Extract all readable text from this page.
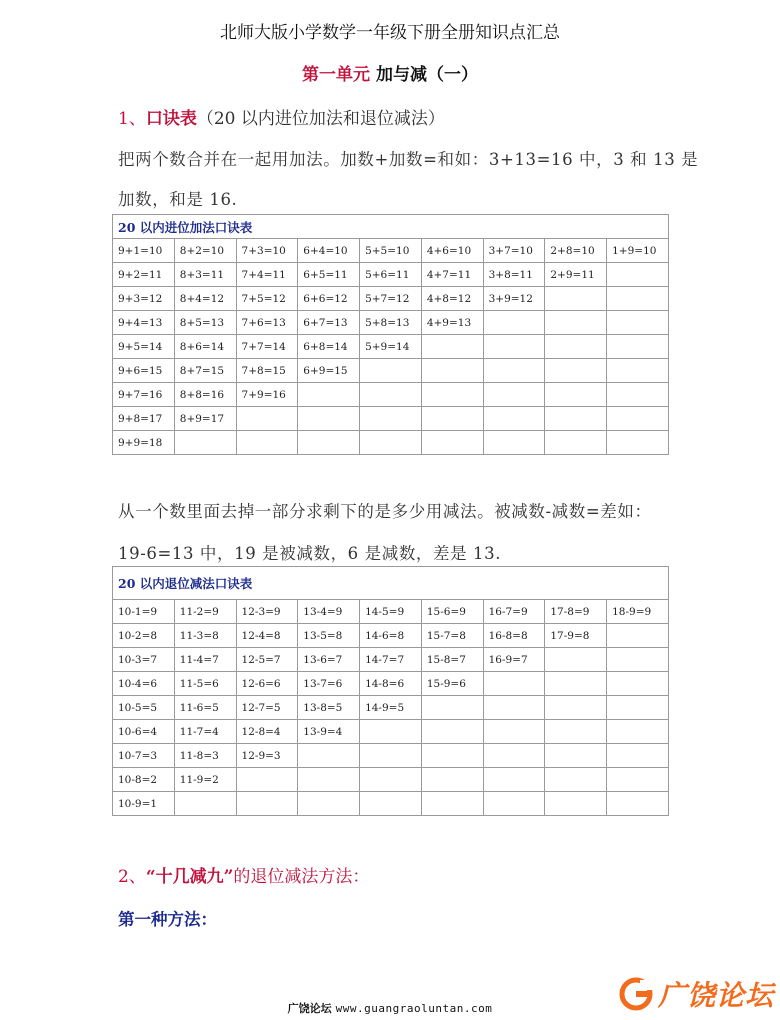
北师大版小学数学一年级下册全册知识点汇总
第一单元 加与减（一）
1、口诀表（20 以内进位加法和退位减法）
把两个数合并在一起用加法。加数+加数=和如：3+13=16 中，3 和 13 是
加数，和是 16.
20 以内进位加法口诀表								
9+1=10	8+2=10	7+3=10	6+4=10	5+5=10	4+6=10	3+7=10	2+8=10	1+9=10
9+2=11	8+3=11	7+4=11	6+5=11	5+6=11	4+7=11	3+8=11	2+9=11	
9+3=12	8+4=12	7+5=12	6+6=12	5+7=12	4+8=12	3+9=12		
9+4=13	8+5=13	7+6=13	6+7=13	5+8=13	4+9=13			
9+5=14	8+6=14	7+7=14	6+8=14	5+9=14				
9+6=15	8+7=15	7+8=15	6+9=15					
9+7=16	8+8=16	7+9=16						
9+8=17	8+9=17							
9+9=18								
从一个数里面去掉一部分求剩下的是多少用减法。被减数-减数=差如：
19-6=13 中，19 是被减数，6 是减数，差是 13.
20 以内退位减法口诀表								
10-1=9	11-2=9	12-3=9	13-4=9	14-5=9	15-6=9	16-7=9	17-8=9	18-9=9
10-2=8	11-3=8	12-4=8	13-5=8	14-6=8	15-7=8	16-8=8	17-9=8	
10-3=7	11-4=7	12-5=7	13-6=7	14-7=7	15-8=7	16-9=7		
10-4=6	11-5=6	12-6=6	13-7=6	14-8=6	15-9=6			
10-5=5	11-6=5	12-7=5	13-8=5	14-9=5				
10-6=4	11-7=4	12-8=4	13-9=4					
10-7=3	11-8=3	12-9=3						
10-8=2	11-9=2							
10-9=1								
2、“十几减九”的退位减法方法：
第一种方法：
广饶论坛
广饶论坛 www.guangraoluntan.com
